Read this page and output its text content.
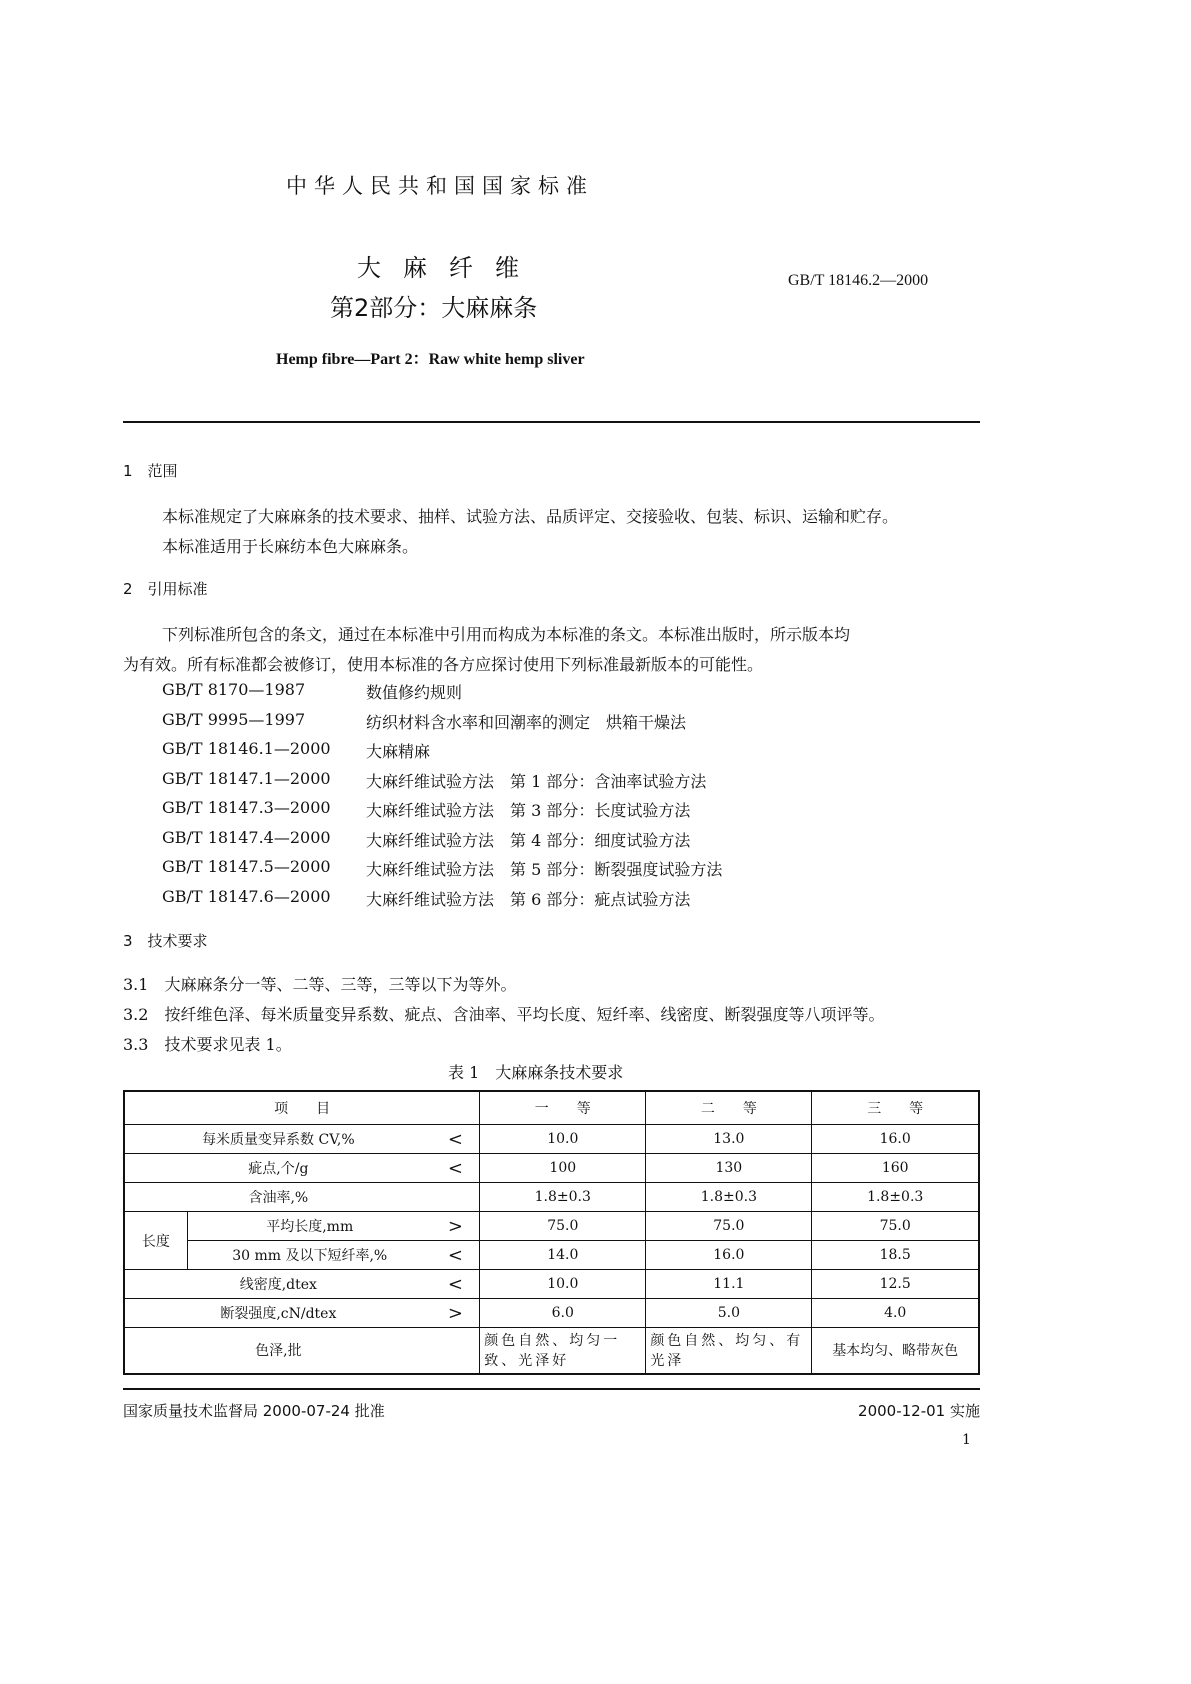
中华人民共和国国家标准
大麻纤维
第2部分：大麻麻条
GB/T 18146.2—2000
Hemp fibre—Part 2：Raw white hemp sliver
1　范围

本标准规定了大麻麻条的技术要求、抽样、试验方法、品质评定、交接验收、包装、标识、运输和贮存。

本标准适用于长麻纺本色大麻麻条。

2　引用标准

下列标准所包含的条文，通过在本标准中引用而构成为本标准的条文。本标准出版时，所示版本均

为有效。所有标准都会被修订，使用本标准的各方应探讨使用下列标准最新版本的可能性。

GB/T 8170—1987	数值修约规则
GB/T 9995—1997	纺织材料含水率和回潮率的测定　烘箱干燥法
GB/T 18146.1—2000 大麻精麻
GB/T 18147.1—2000 大麻纤维试验方法　第 1 部分：含油率试验方法
GB/T 18147.3—2000 大麻纤维试验方法　第 3 部分：长度试验方法
GB/T 18147.4—2000 大麻纤维试验方法　第 4 部分：细度试验方法
GB/T 18147.5—2000 大麻纤维试验方法　第 5 部分：断裂强度试验方法
GB/T 18147.6—2000 大麻纤维试验方法　第 6 部分：疵点试验方法
3　技术要求

3.1　大麻麻条分一等、二等、三等，三等以下为等外。

3.2　按纤维色泽、每米质量变异系数、疵点、含油率、平均长度、短纤率、线密度、断裂强度等八项评等。

3.3　技术要求见表 1。

表 1　大麻麻条技术要求
项　　目			一　　等	二　　等	三　　等
每米质量变异系数 CV,%		<	10.0	13.0	16.0
疵点,个/g		<	100	130	160
含油率,%			1.8±0.3	1.8±0.3	1.8±0.3
长度	平均长度,mm	>	75.0	75.0	75.0
	30 mm 及以下短纤率,%	<	14.0	16.0	18.5
线密度,dtex		<	10.0	11.1	12.5
断裂强度,cN/dtex		>	6.0	5.0	4.0
色泽,批			颜色自然、均匀一致、光泽好	颜色自然、均匀、有光泽	基本均匀、略带灰色
国家质量技术监督局 2000-07-24 批准	2000-12-01 实施
1
